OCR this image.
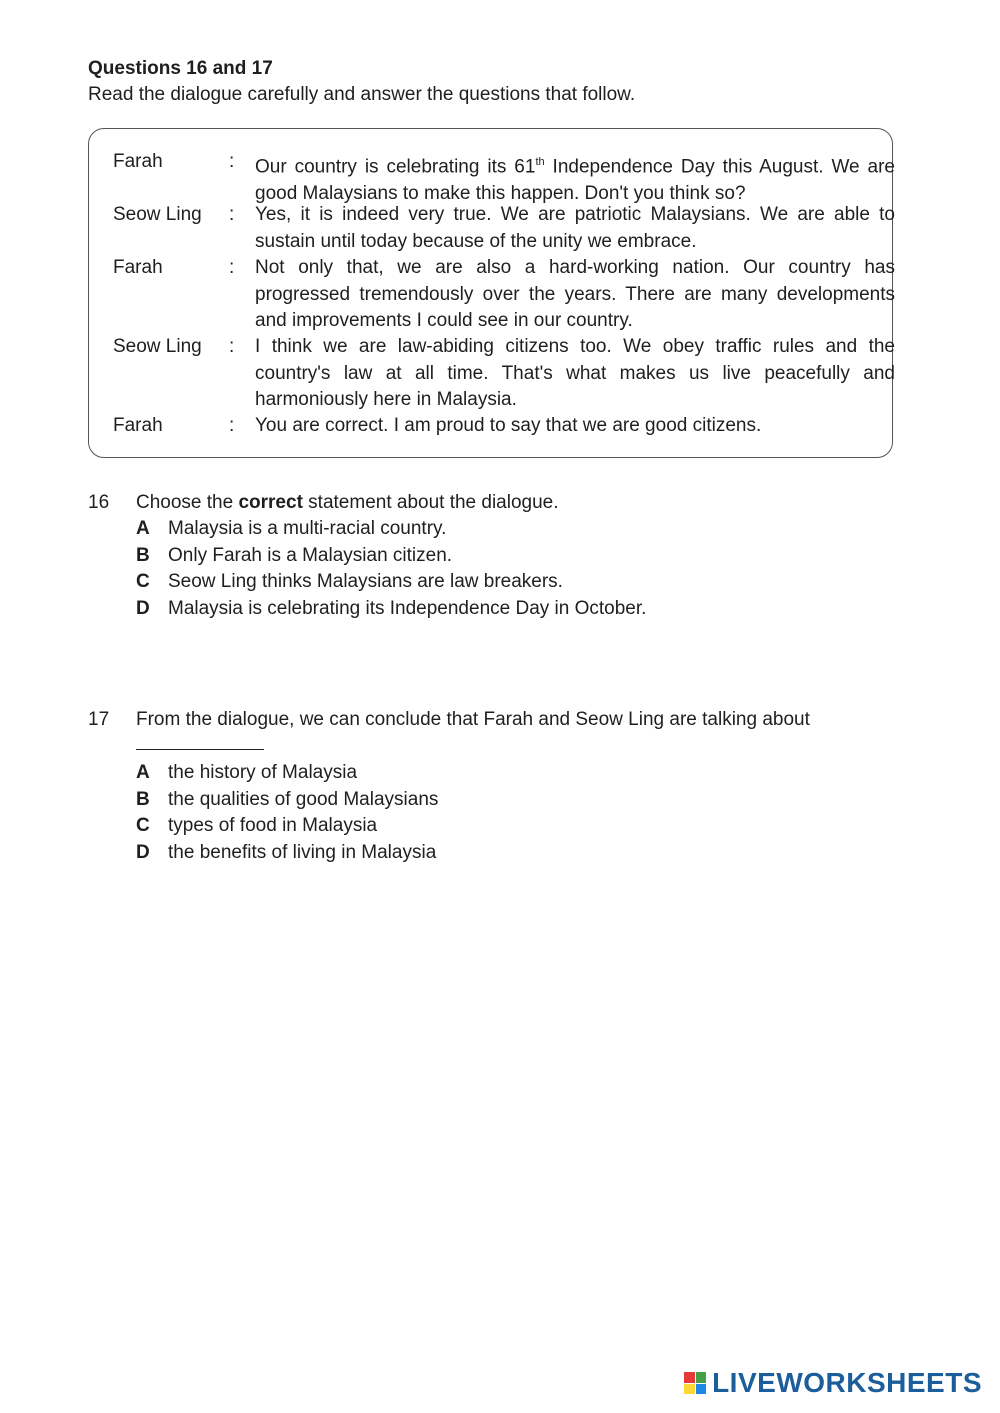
Questions 16 and 17
Read the dialogue carefully and answer the questions that follow.
Farah	: Our country is celebrating its 61th Independence Day this August. We are good Malaysians to make this happen. Don't you think so?
Seow Ling : Yes, it is indeed very true. We are patriotic Malaysians. We are able to sustain until today because of the unity we embrace.
Farah	: Not only that, we are also a hard-working nation. Our country has progressed tremendously over the years. There are many developments and improvements I could see in our country.
Seow Ling : I think we are law-abiding citizens too. We obey traffic rules and the country's law at all time. That's what makes us live peacefully and harmoniously here in Malaysia.
Farah	: You are correct. I am proud to say that we are good citizens.
16 Choose the correct statement about the dialogue.
A Malaysia is a multi-racial country.
B Only Farah is a Malaysian citizen.
C Seow Ling thinks Malaysians are law breakers.
D Malaysia is celebrating its Independence Day in October.
17 From the dialogue, we can conclude that Farah and Seow Ling are talking about
A the history of Malaysia
B the qualities of good Malaysians
C types of food in Malaysia
D the benefits of living in Malaysia
LIVEWORKSHEETS
